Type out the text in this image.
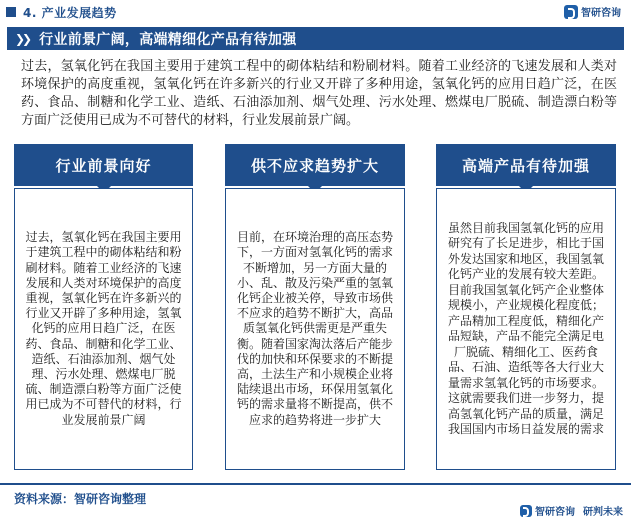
4. 产业发展趋势	智研咨询
❯❯ 行业前景广阔，高端精细化产品有待加强

过去，氢氧化钙在我国主要用于建筑工程中的砌体粘结和粉刷材料。随着工业经济的飞速发展和人类对环境保护的高度重视，氢氧化钙在许多新兴的行业又开辟了多种用途，氢氧化钙的应用日趋广泛，在医药、食品、制糖和化学工业、造纸、石油添加剂、烟气处理、污水处理、燃煤电厂脱硫、制造漂白粉等方面广泛使用已成为不可替代的材料，行业发展前景广阔。

行业前景向好	供不应求趋势扩大	高端产品有待加强

过去，氢氧化钙在我国主要用于建筑工程中的砌体粘结和粉刷材料。随着工业经济的飞速发展和人类对环境保护的高度重视，氢氧化钙在许多新兴的行业又开辟了多种用途，氢氧化钙的应用日趋广泛，在医药、食品、制糖和化学工业、造纸、石油添加剂、烟气处理、污水处理、燃煤电厂脱硫、制造漂白粉等方面广泛使用已成为不可替代的材料，行业发展前景广阔

目前，在环境治理的高压态势下，一方面对氢氧化钙的需求不断增加，另一方面大量的小、乱、散及污染严重的氢氧化钙企业被关停，导致市场供不应求的趋势不断扩大，高品质氢氧化钙供需更是严重失衡。随着国家淘汰落后产能步伐的加快和环保要求的不断提高，土法生产和小规模企业将陆续退出市场，环保用氢氧化钙的需求量将不断提高，供不应求的趋势将进一步扩大

虽然目前我国氢氧化钙的应用研究有了长足进步，相比于国外发达国家和地区，我国氢氧化钙产业的发展有较大差距。目前我国氢氧化钙产企业整体规模小，产业规模化程度低；产品精加工程度低，精细化产品短缺，产品不能完全满足电厂脱硫、精细化工、医药食品、石油、造纸等各大行业大量需求氢氧化钙的市场要求。这就需要我们进一步努力，提高氢氧化钙产品的质量，满足我国国内市场日益发展的需求

资料来源：智研咨询整理
智研咨询 研判未来
